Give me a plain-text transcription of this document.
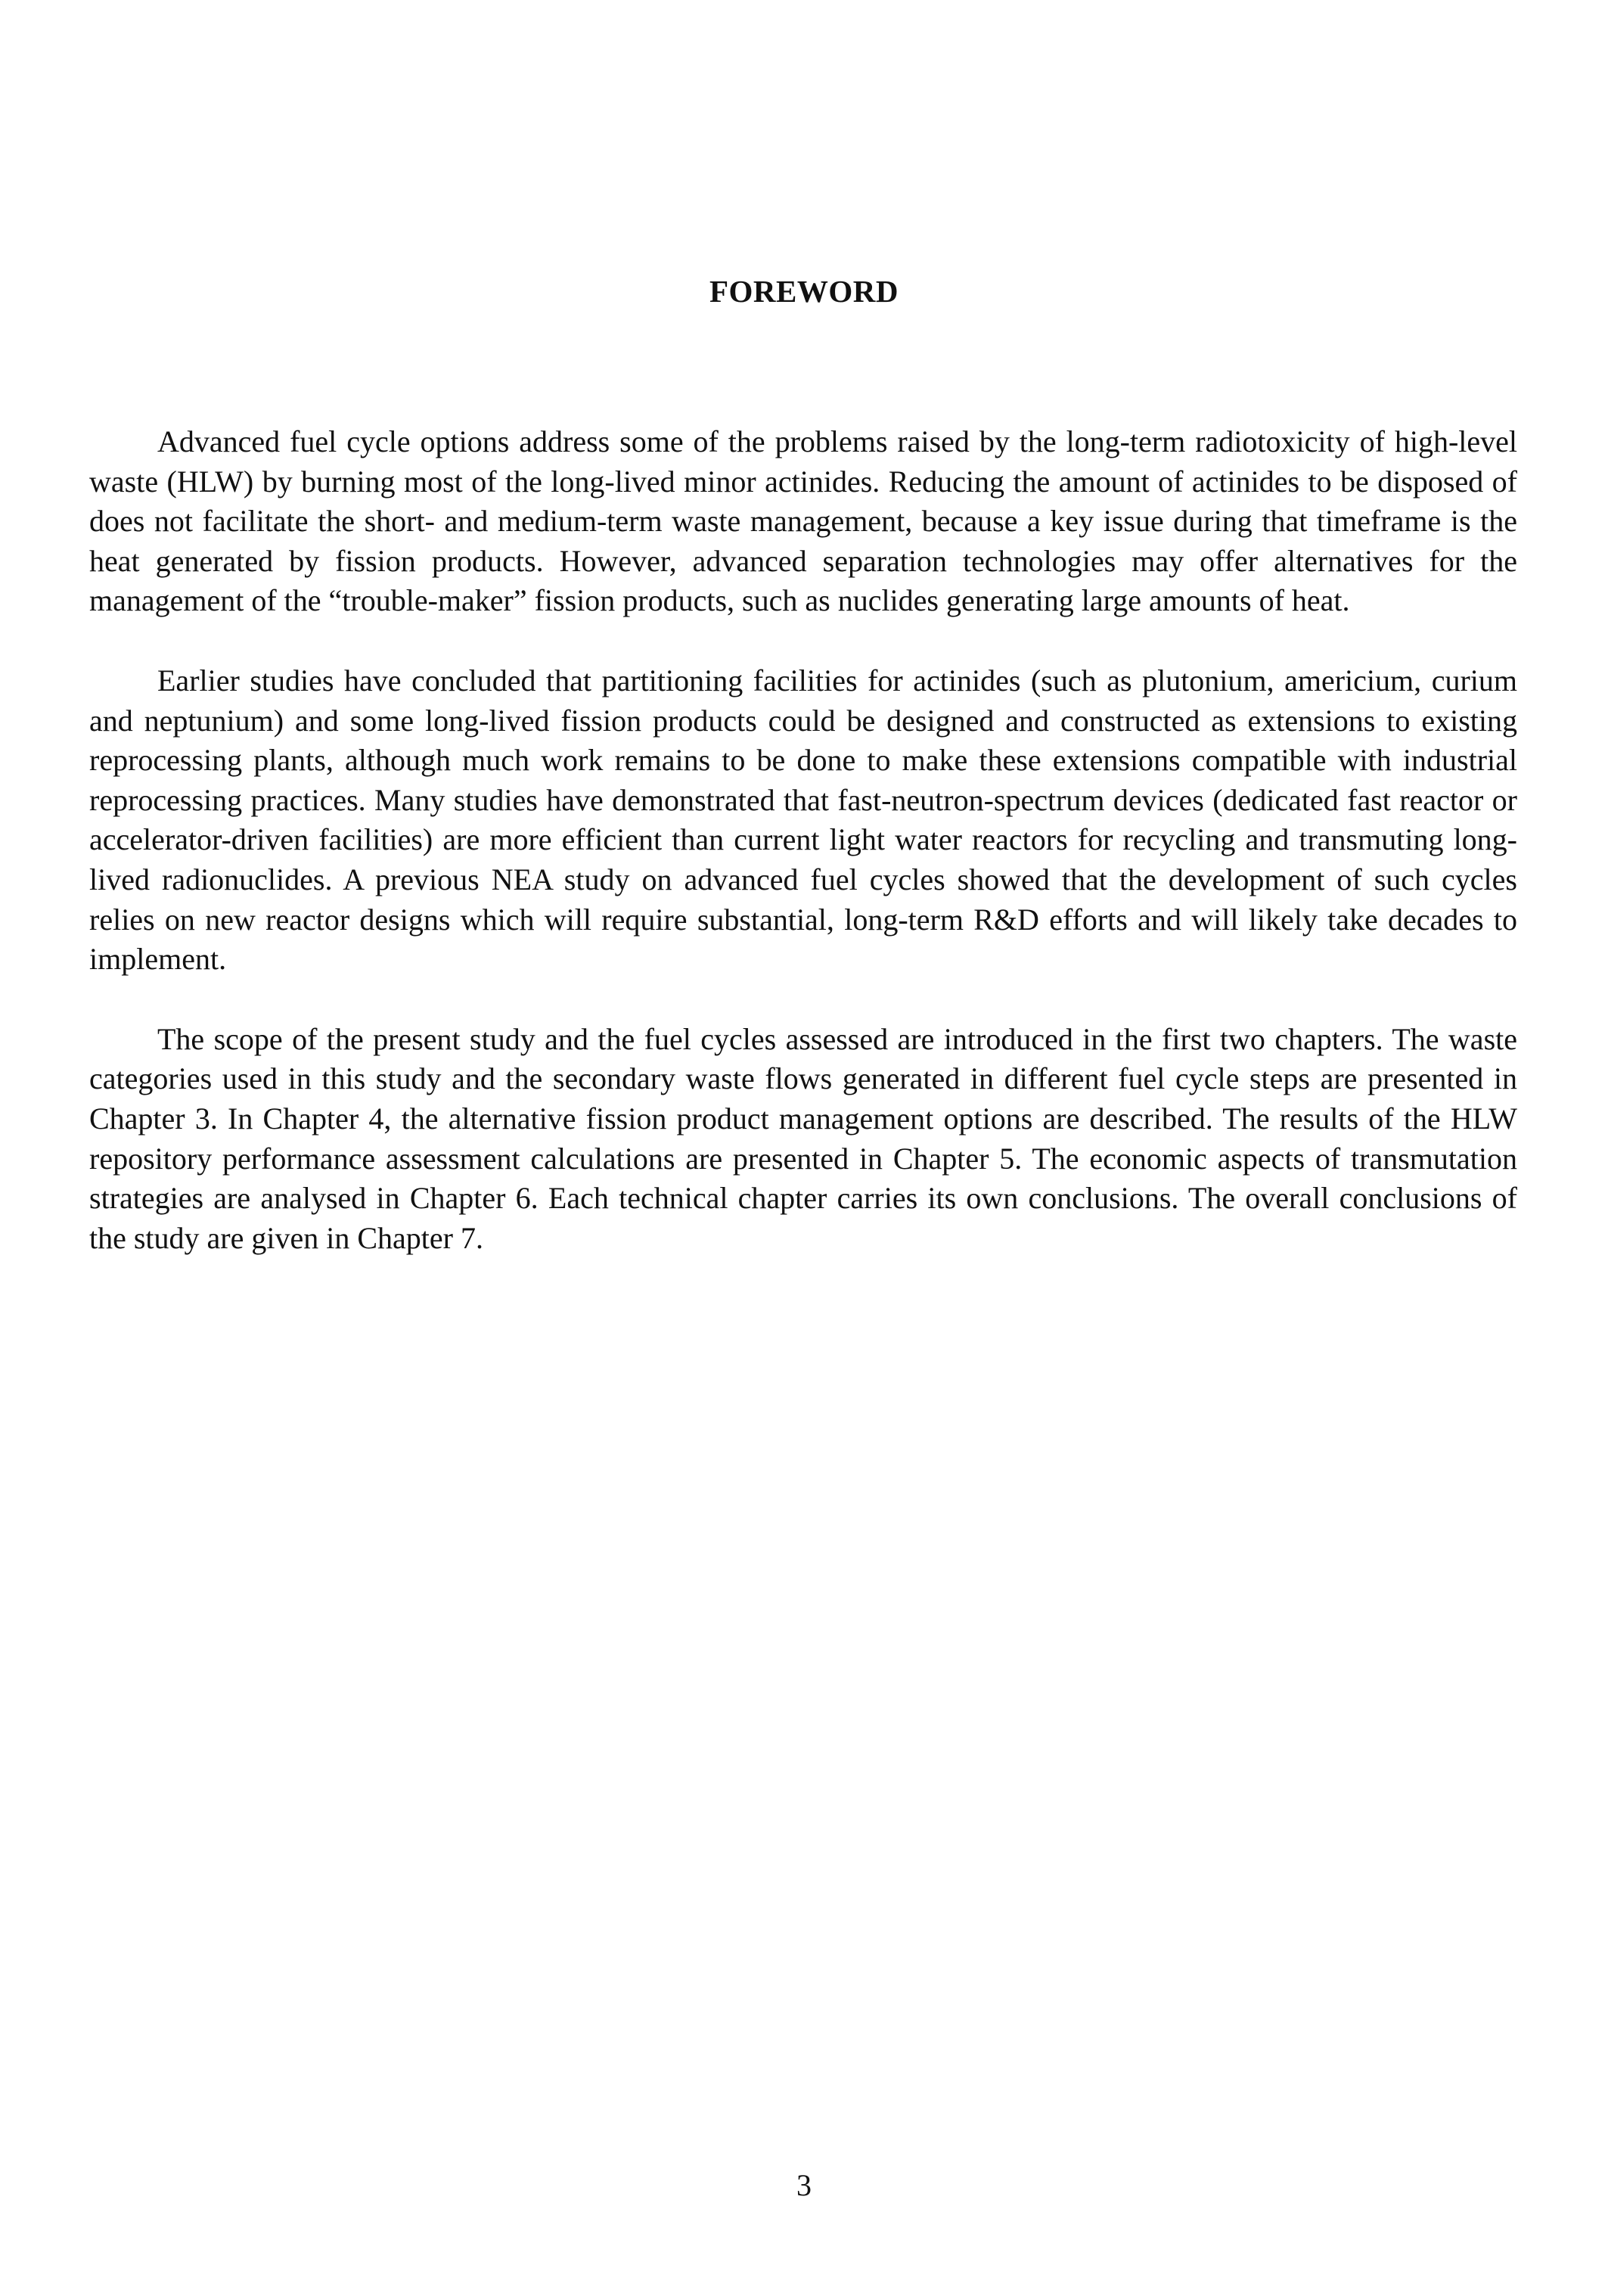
FOREWORD

Advanced fuel cycle options address some of the problems raised by the long-term radiotoxicity of high-level waste (HLW) by burning most of the long-lived minor actinides. Reducing the amount of actinides to be disposed of does not facilitate the short- and medium-term waste management, because a key issue during that timeframe is the heat generated by fission products. However, advanced separation technologies may offer alternatives for the management of the “trouble-maker” fission products, such as nuclides generating large amounts of heat.

Earlier studies have concluded that partitioning facilities for actinides (such as plutonium, americium, curium and neptunium) and some long-lived fission products could be designed and constructed as extensions to existing reprocessing plants, although much work remains to be done to make these extensions compatible with industrial reprocessing practices. Many studies have demonstrated that fast-neutron-spectrum devices (dedicated fast reactor or accelerator-driven facilities) are more efficient than current light water reactors for recycling and transmuting long-lived radionuclides. A previous NEA study on advanced fuel cycles showed that the development of such cycles relies on new reactor designs which will require substantial, long-term R&D efforts and will likely take decades to implement.

The scope of the present study and the fuel cycles assessed are introduced in the first two chapters. The waste categories used in this study and the secondary waste flows generated in different fuel cycle steps are presented in Chapter 3. In Chapter 4, the alternative fission product management options are described. The results of the HLW repository performance assessment calculations are presented in Chapter 5. The economic aspects of transmutation strategies are analysed in Chapter 6. Each technical chapter carries its own conclusions. The overall conclusions of the study are given in Chapter 7.

3
